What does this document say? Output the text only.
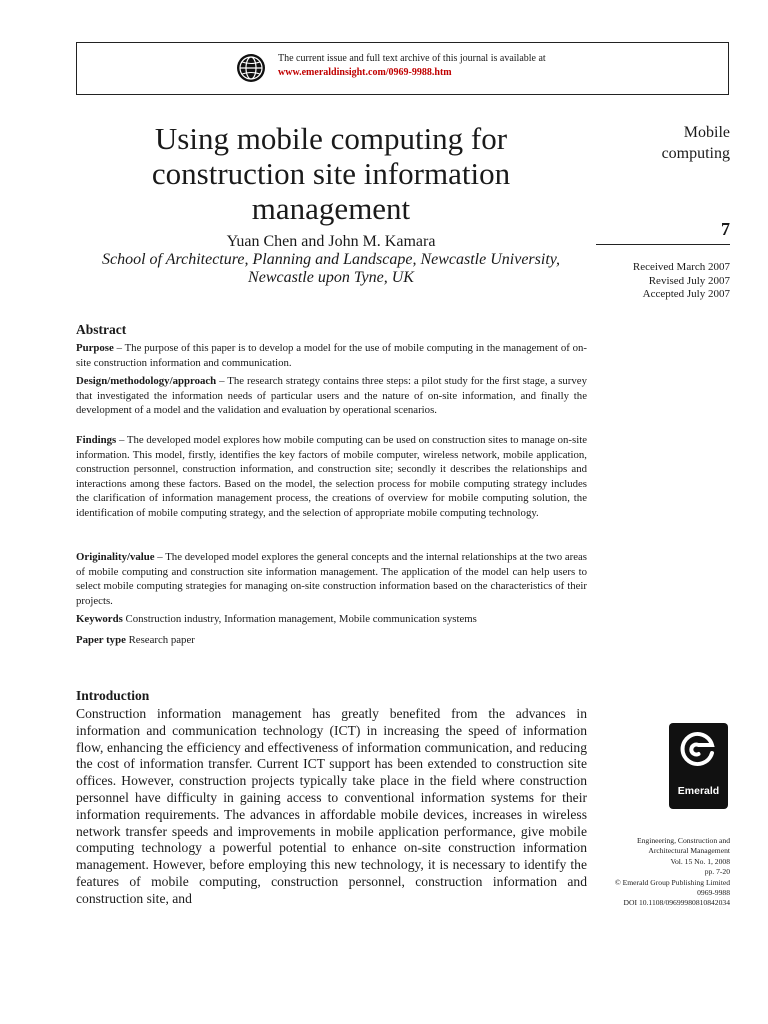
The current issue and full text archive of this journal is available at
www.emeraldinsight.com/0969-9988.htm
Using mobile computing for construction site information management
Yuan Chen and John M. Kamara
School of Architecture, Planning and Landscape, Newcastle University, Newcastle upon Tyne, UK
Mobile
computing
7
Received March 2007
Revised July 2007
Accepted July 2007
Abstract
Purpose – The purpose of this paper is to develop a model for the use of mobile computing in the management of on-site construction information and communication.
Design/methodology/approach – The research strategy contains three steps: a pilot study for the first stage, a survey that investigated the information needs of particular users and the nature of on-site information, and finally the development of a model and the validation and evaluation by operational scenarios.
Findings – The developed model explores how mobile computing can be used on construction sites to manage on-site information. This model, firstly, identifies the key factors of mobile computer, wireless network, mobile application, construction personnel, construction information, and construction site; secondly it describes the relationships and interactions among these factors. Based on the model, the selection process for mobile computing strategy includes the clarification of information management process, the creations of overview for mobile computing solution, the identification of mobile computing strategy, and the selection of appropriate mobile computing technology.
Originality/value – The developed model explores the general concepts and the internal relationships at the two areas of mobile computing and construction site information management. The application of the model can help users to select mobile computing strategies for managing on-site construction information based on the characteristics of their projects.
Keywords Construction industry, Information management, Mobile communication systems
Paper type Research paper
Introduction
Construction information management has greatly benefited from the advances in information and communication technology (ICT) in increasing the speed of information flow, enhancing the efficiency and effectiveness of information communication, and reducing the cost of information transfer. Current ICT support has been extended to construction site offices. However, construction projects typically take place in the field where construction personnel have difficulty in gaining access to conventional information systems for their information requirements. The advances in affordable mobile devices, increases in wireless network transfer speeds and improvements in mobile application performance, give mobile computing technology a powerful potential to enhance on-site construction information management. However, before employing this new technology, it is necessary to identify the features of mobile computing, construction personnel, construction information and construction site, and
Emerald
Engineering, Construction and
Architectural Management
Vol. 15 No. 1, 2008
pp. 7-20
© Emerald Group Publishing Limited
0969-9988
DOI 10.1108/09699980810842034
